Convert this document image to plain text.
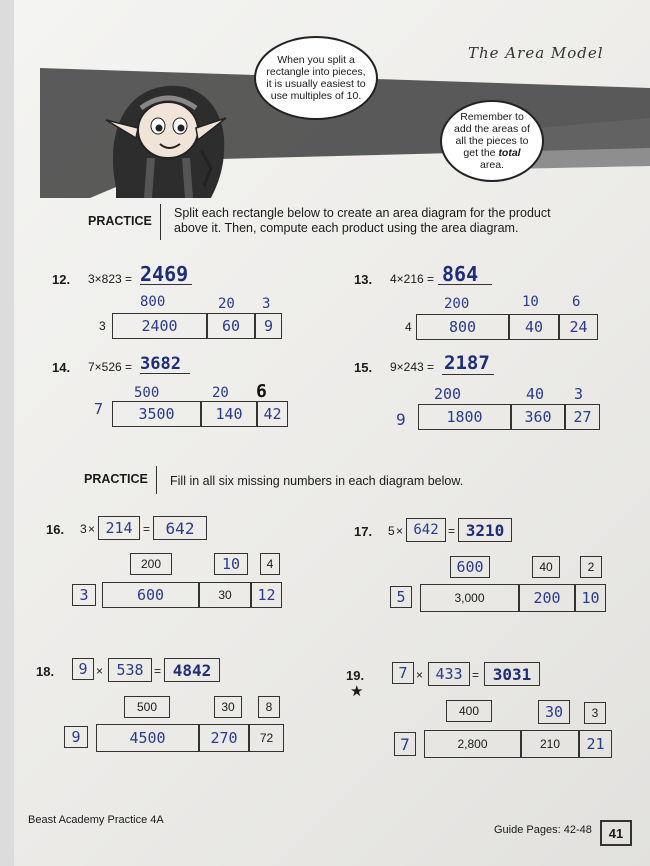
The Area Model
When you split a rectangle into pieces, it is usually easiest to use multiples of 10.
Remember to add the areas of all the pieces to get the total area.
PRACTICE
Split each rectangle below to create an area diagram for the product above it. Then, compute each product using the area diagram.
12. 3×823 = 2469
800	20 3
3	2400	60	9
13. 4×216 = 864
200	10 6
4	800	40	24
14. 7×526 = 3682
500	20 6
7	3500	140	42
15. 9×243 = 2187
200	40 3
9	1800	360	27
PRACTICE Fill in all six missing numbers in each diagram below.
16. 3 × 214 = 642
200	10	4
3	600	30	12
17. 5 × 642 = 3210
600	40	2
5	3,000	200	10
18.	9 × 538 = 4842
500	30	8
9	4500	270	72
19.
★
7 × 433 = 3031
400	30	3
7	2,800	210	21
Beast Academy Practice 4A
Guide Pages: 42-48	41
